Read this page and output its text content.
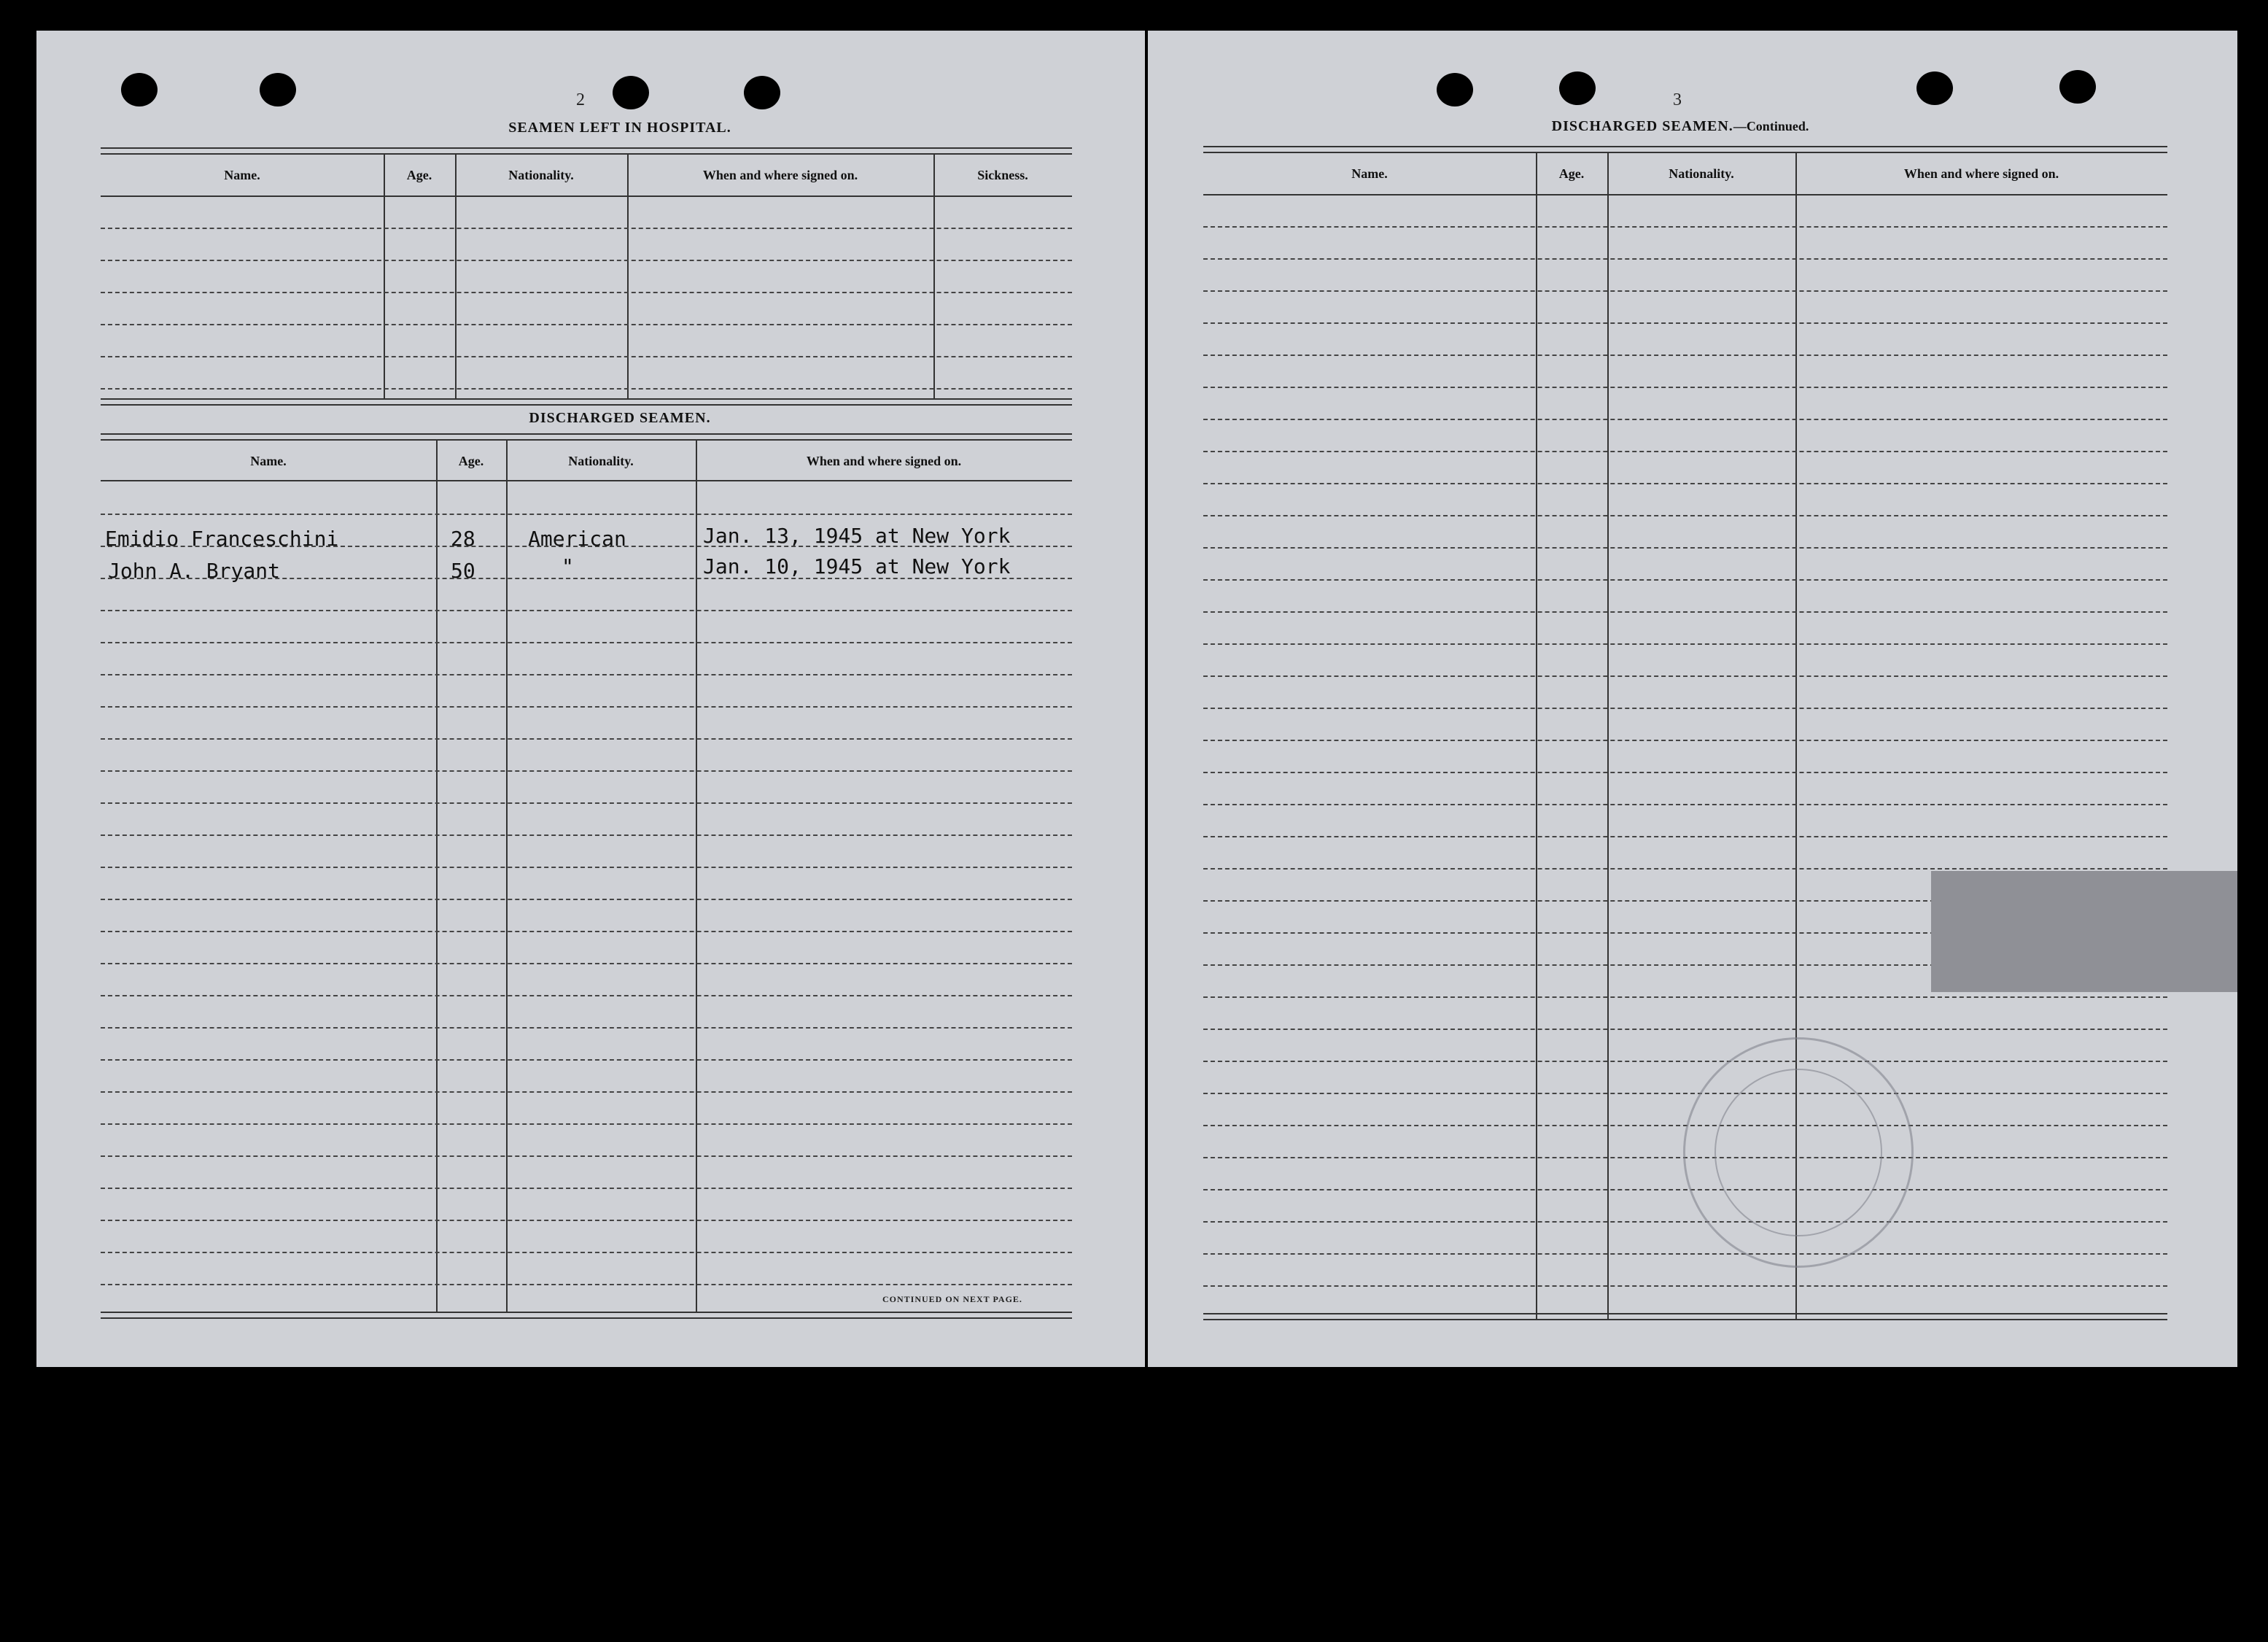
2
SEAMEN LEFT IN HOSPITAL.
Name.	Age.	Nationality.	When and where signed on.	Sickness.
DISCHARGED SEAMEN.
Name.	Age.	Nationality.	When and where signed on.
Emidio Franceschini	28	American	Jan. 13, 1945 at New York
John A. Bryant	50	"	Jan. 10, 1945 at New York
CONTINUED ON NEXT PAGE.
3
DISCHARGED SEAMEN.—Continued.
Name.	Age.	Nationality.	When and where signed on.
